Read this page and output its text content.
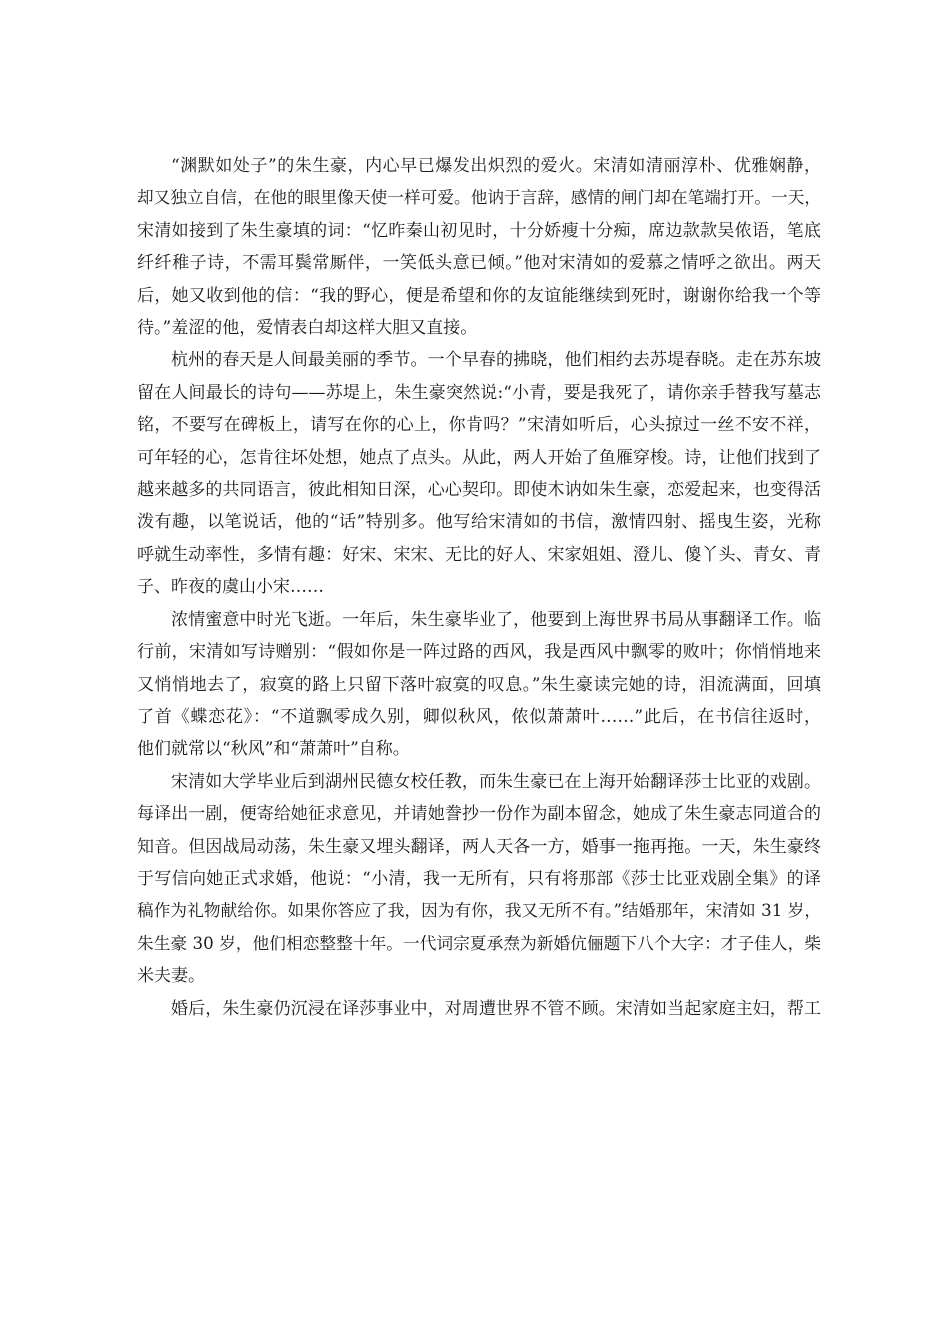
“渊默如处子”的朱生豪，内心早已爆发出炽烈的爱火。宋清如清丽淳朴、优雅娴静，
却又独立自信，在他的眼里像天使一样可爱。他讷于言辞，感情的闸门却在笔端打开。一天，
宋清如接到了朱生豪填的词：“忆昨秦山初见时，十分娇瘦十分痴，席边款款吴侬语，笔底
纤纤稚子诗，不需耳鬓常厮伴，一笑低头意已倾。”他对宋清如的爱慕之情呼之欲出。两天
后，她又收到他的信：“我的野心，便是希望和你的友谊能继续到死时，谢谢你给我一个等
待。”羞涩的他，爱情表白却这样大胆又直接。

杭州的春天是人间最美丽的季节。一个早春的拂晓，他们相约去苏堤春晓。走在苏东坡
留在人间最长的诗句——苏堤上，朱生豪突然说:“小青，要是我死了，请你亲手替我写墓志
铭，不要写在碑板上，请写在你的心上，你肯吗？”宋清如听后，心头掠过一丝不安不祥，
可年轻的心，怎肯往坏处想，她点了点头。从此，两人开始了鱼雁穿梭。诗，让他们找到了
越来越多的共同语言，彼此相知日深，心心契印。即使木讷如朱生豪，恋爱起来，也变得活
泼有趣，以笔说话，他的“话”特别多。他写给宋清如的书信，激情四射、摇曳生姿，光称
呼就生动率性，多情有趣：好宋、宋宋、无比的好人、宋家姐姐、澄儿、傻丫头、青女、青
子、昨夜的虞山小宋……

浓情蜜意中时光飞逝。一年后，朱生豪毕业了，他要到上海世界书局从事翻译工作。临
行前，宋清如写诗赠别：“假如你是一阵过路的西风，我是西风中飘零的败叶；你悄悄地来
又悄悄地去了，寂寞的路上只留下落叶寂寞的叹息。”朱生豪读完她的诗，泪流满面，回填
了首《蝶恋花》：“不道飘零成久别，卿似秋风，侬似萧萧叶……”此后，在书信往返时，
他们就常以“秋风”和“萧萧叶”自称。

宋清如大学毕业后到湖州民德女校任教，而朱生豪已在上海开始翻译莎士比亚的戏剧。
每译出一剧，便寄给她征求意见，并请她誊抄一份作为副本留念，她成了朱生豪志同道合的
知音。但因战局动荡，朱生豪又埋头翻译，两人天各一方，婚事一拖再拖。一天，朱生豪终
于写信向她正式求婚，他说：“小清，我一无所有，只有将那部《莎士比亚戏剧全集》的译
稿作为礼物献给你。如果你答应了我，因为有你，我又无所不有。”结婚那年，宋清如 31 岁，
朱生豪 30 岁，他们相恋整整十年。一代词宗夏承焘为新婚伉俪题下八个大字：才子佳人，柴
米夫妻。

婚后，朱生豪仍沉浸在译莎事业中，对周遭世界不管不顾。宋清如当起家庭主妇，帮工
